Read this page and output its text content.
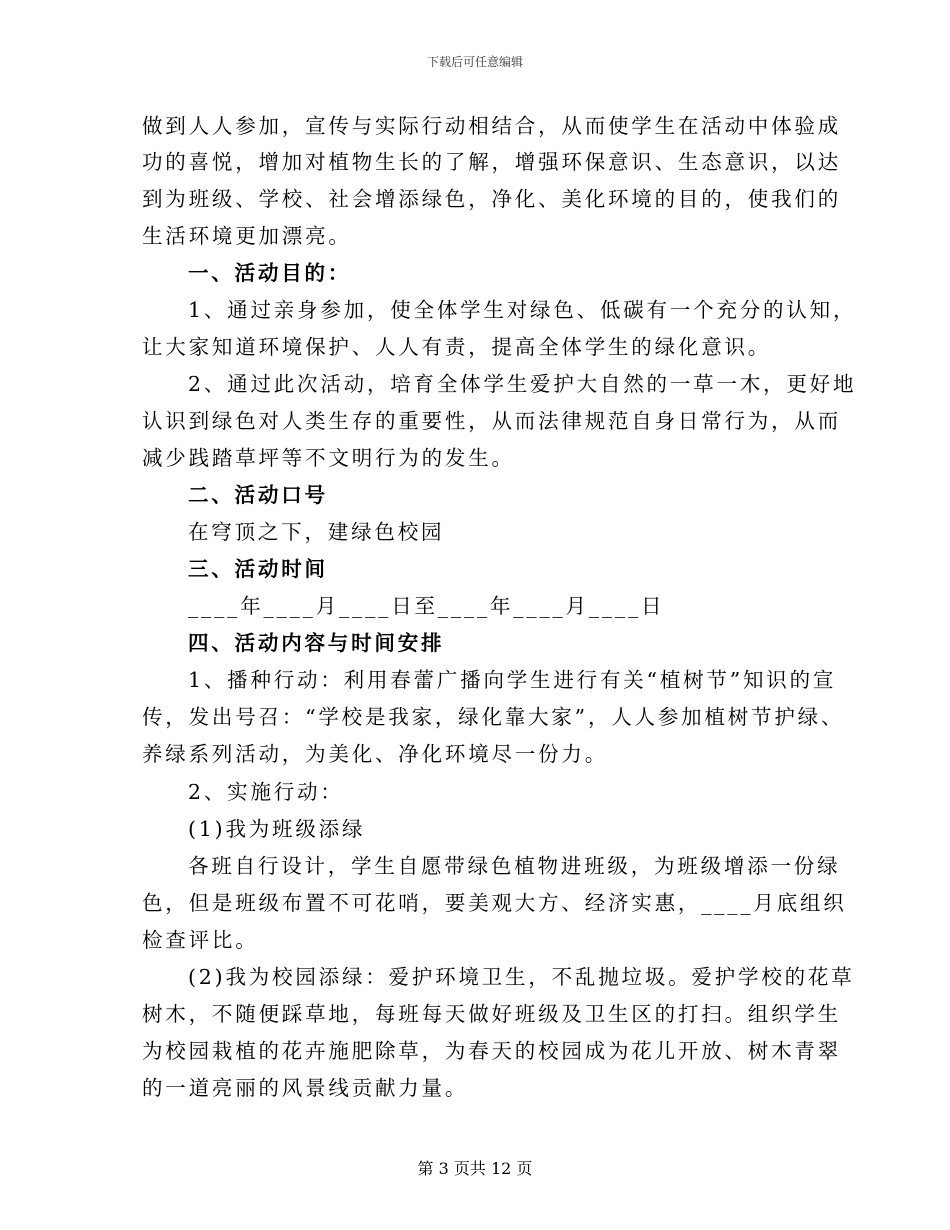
下载后可任意编辑
做到人人参加，宣传与实际行动相结合，从而使学生在活动中体验成
功的喜悦，增加对植物生长的了解，增强环保意识、生态意识，以达
到为班级、学校、社会增添绿色，净化、美化环境的目的，使我们的
生活环境更加漂亮。
一、活动目的：
1、通过亲身参加，使全体学生对绿色、低碳有一个充分的认知，
让大家知道环境保护、人人有责，提高全体学生的绿化意识。
2、通过此次活动，培育全体学生爱护大自然的一草一木，更好地
认识到绿色对人类生存的重要性，从而法律规范自身日常行为，从而
减少践踏草坪等不文明行为的发生。
二、活动口号
在穹顶之下，建绿色校园
三、活动时间
____年____月____日至____年____月____日
四、活动内容与时间安排
1、播种行动：利用春蕾广播向学生进行有关“植树节”知识的宣
传，发出号召：“学校是我家，绿化靠大家”，人人参加植树节护绿、
养绿系列活动，为美化、净化环境尽一份力。
2、实施行动：
(1)我为班级添绿
各班自行设计，学生自愿带绿色植物进班级，为班级增添一份绿
色，但是班级布置不可花哨，要美观大方、经济实惠，____月底组织
检查评比。
(2)我为校园添绿：爱护环境卫生，不乱抛垃圾。爱护学校的花草
树木，不随便踩草地，每班每天做好班级及卫生区的打扫。组织学生
为校园栽植的花卉施肥除草，为春天的校园成为花儿开放、树木青翠
的一道亮丽的风景线贡献力量。
第 3 页共 12 页
